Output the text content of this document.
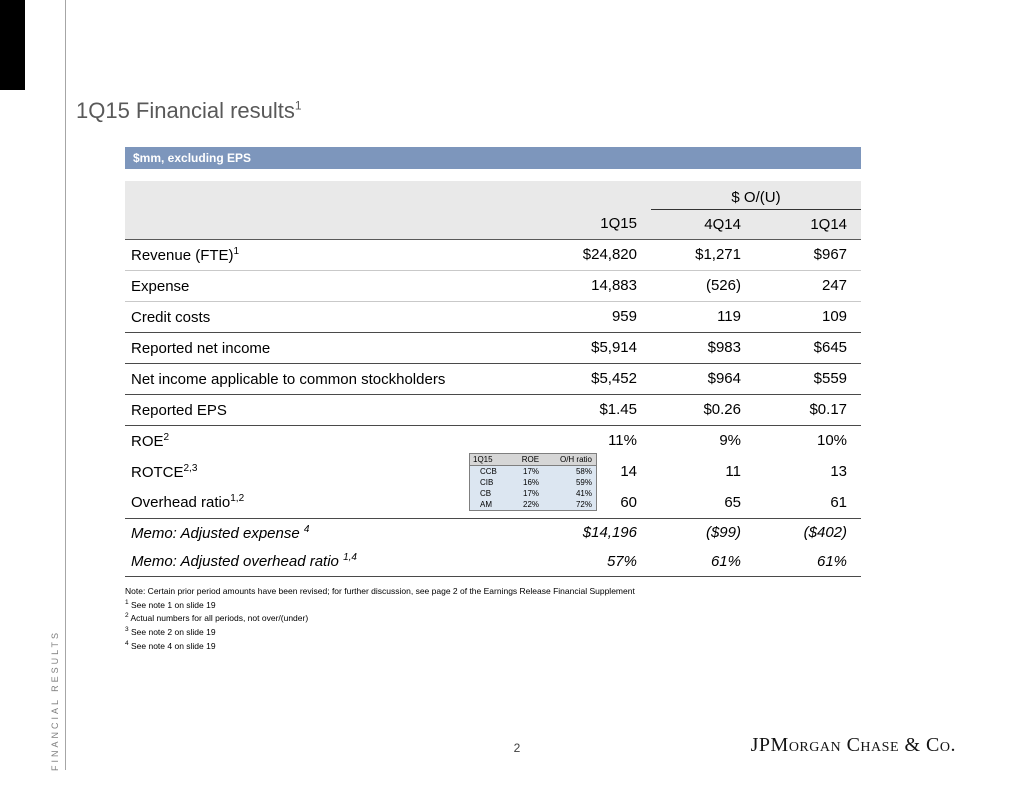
FINANCIAL RESULTS
1Q15 Financial results$^1$
$mm, excluding EPS
		$ O/(U)	
	1Q15	4Q14	1Q14
Revenue (FTE)$^1$	$24,820	$1,271	$967
Expense	14,883	(526)	247
Credit costs	959	119	109
Reported net income	$5,914	$983	$645
Net income applicable to common stockholders	$5,452	$964	$559
Reported EPS	$1.45	$0.26	$0.17
ROE$^2$	11%	9%	10%
ROTCE$^{2,3}$	14	11	13
Overhead ratio$^{1,2}$	60	65	61
Memo: Adjusted expense $^4$	$14,196	($99)	($402)
Memo: Adjusted overhead ratio $^{1,4}$	57%	61%	61%
1Q15	ROE	O/H ratio
CCB	17%	58%
CIB	16%	59%
CB	17%	41%
AM	22%	72%
Note: Certain prior period amounts have been revised; for further discussion, see page 2 of the Earnings Release Financial Supplement
$^1$ See note 1 on slide 19
$^2$ Actual numbers for all periods, not over/(under)
$^3$ See note 2 on slide 19
$^4$ See note 4 on slide 19
2	JPMorgan Chase & Co.
